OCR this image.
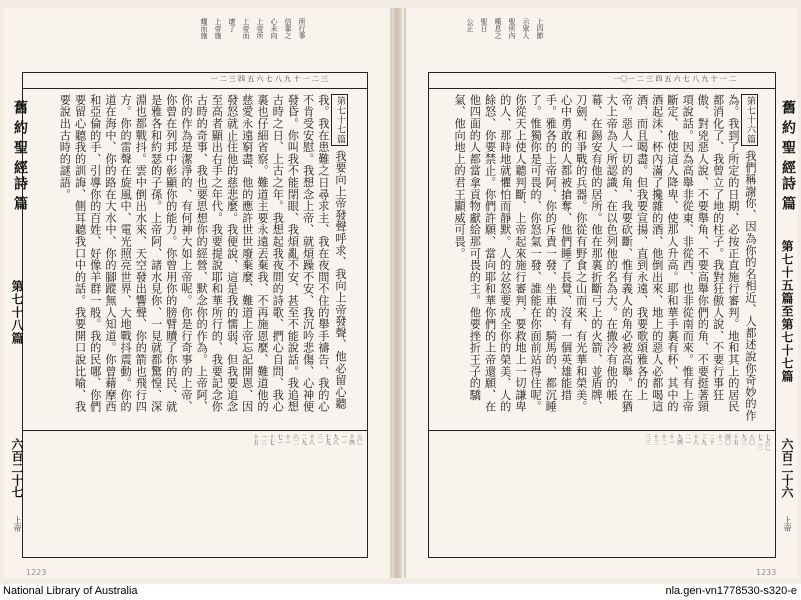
所行事
信靠之
心未向
上帝所
上帝而
壞了
上帝施
耀而施
一 二 三 四 五 六 七 八 九 十 一 二 三
舊約聖經
詩篇
第七十八篇
六百二十七
上帝
第七十七篇我要向上帝發聲呼求、我向上帝發聲、他必留心聽我。我在患難之日尋求主、我在夜間不住的舉手禱告、我的心不肯受安慰。我想念上帝、就煩躁不安、我沉吟悲傷、心神便發昏。你叫我不能閉眼、我煩亂不安、甚至不能說話。我追想古時之日、上古之年。我想起我夜間的詩歌、捫心自問、我心裏也仔細省察。難道主要永遠丟棄我、不再施恩麼、難道他的慈愛永遠窮盡、他的應許世世廢棄麼、難道上帝忘記開恩、因發怒就止住他的慈悲麼。我便說、這是我的懦弱、但我要追念至高者顯出右手之年代。我要提說耶和華所行的、我要記念你古時的奇事、我也要思想你的經營、默念你的作為。上帝阿、你的作為是潔淨的、有何神大如上帝呢。你是行奇事的上帝、你曾在列邦中彰顯你的能力。你曾用你的膀臂贖了你的民、就是雅各和約瑟的子孫。上帝阿、諸水見你、一見就都驚惶、深淵也都戰抖。雲中倒出水來、天空發出響聲、你的箭也飛行四方。你的雷聲在旋風中、電光照亮世界、大地戰抖震動。你的道在海中、你的路在大水中、你的腳蹤無人知道。你曾藉摩西和亞倫的手、引導你的百姓、好像羊群一般。我的民哪、你們要留心聽我的訓誨、側耳聽我口中的話。我要開口說比喻、我要說出古時的謎語。
八〇
十四
一一
九八
七九
三一
十八
二九
六二
十一
七一
十七
一三
十五
1223
上四節
示眾人
聖所內
嘆息之
聖日
公正
一〇一 二 三 四 五 六 七 八 九 十 一 二
舊約聖經
詩篇
第七十五篇至第七十七篇
六百二十六
上帝
第七十六篇我們稱謝你、因為你的名相近、人都述說你奇妙的作為。我到了所定的日期、必按正直施行審判。地和其上的居民都消化了、我曾立了地的柱子。我對狂傲人說、不要行事狂傲、對兇惡人說、不要舉角、不要高舉你們的角、不要挺著頸項說話。因為高舉非從東、非從西、也非從南而來。惟有上帝斷定、他使這人降卑、使那人升高。耶和華手裏有杯、其中的酒起沫、杯內滿了攙雜的酒、他倒出來、地上的惡人必都喝這酒、而且喝盡。但我要宣揚、直到永遠、我要歌頌雅各的上帝。惡人一切的角、我要砍斷、惟有義人的角必被高舉。在猶大上帝為人所認識、在以色列他的名為大。在撒冷有他的帳幕、在錫安有他的居所。他在那裏折斷弓上的火箭、並盾牌、刀劍、和爭戰的兵器。你從有野食之山而來、有光華和榮美。心中勇敢的人都被搶奪、他們睡了長覺、沒有一個英雄能措手。雅各的上帝阿、你的斥責一發、坐車的、騎馬的、都沉睡了。惟獨你是可畏的、你怒氣一發、誰能在你面前站得住呢。你從天上使人聽判斷、上帝起來施行審判、要救地上一切謙卑的人、那時地就懼怕而靜默。人的忿怒要成全你的榮美、人的餘怒、你要禁止。你們許願、當向耶和華你們的上帝還願、在他四面的人都當拿貢物獻給那可畏的主。他要挫折王子的驕氣、他向地上的君王顯威可畏。
七六〇
七二三
八〇
九三
十五
四〇
十二
二十
三九
十八
二一
九四
十一
十二
十三
三三
1233
National Library of Australia	nla.gen-vn1778530-s320-e
